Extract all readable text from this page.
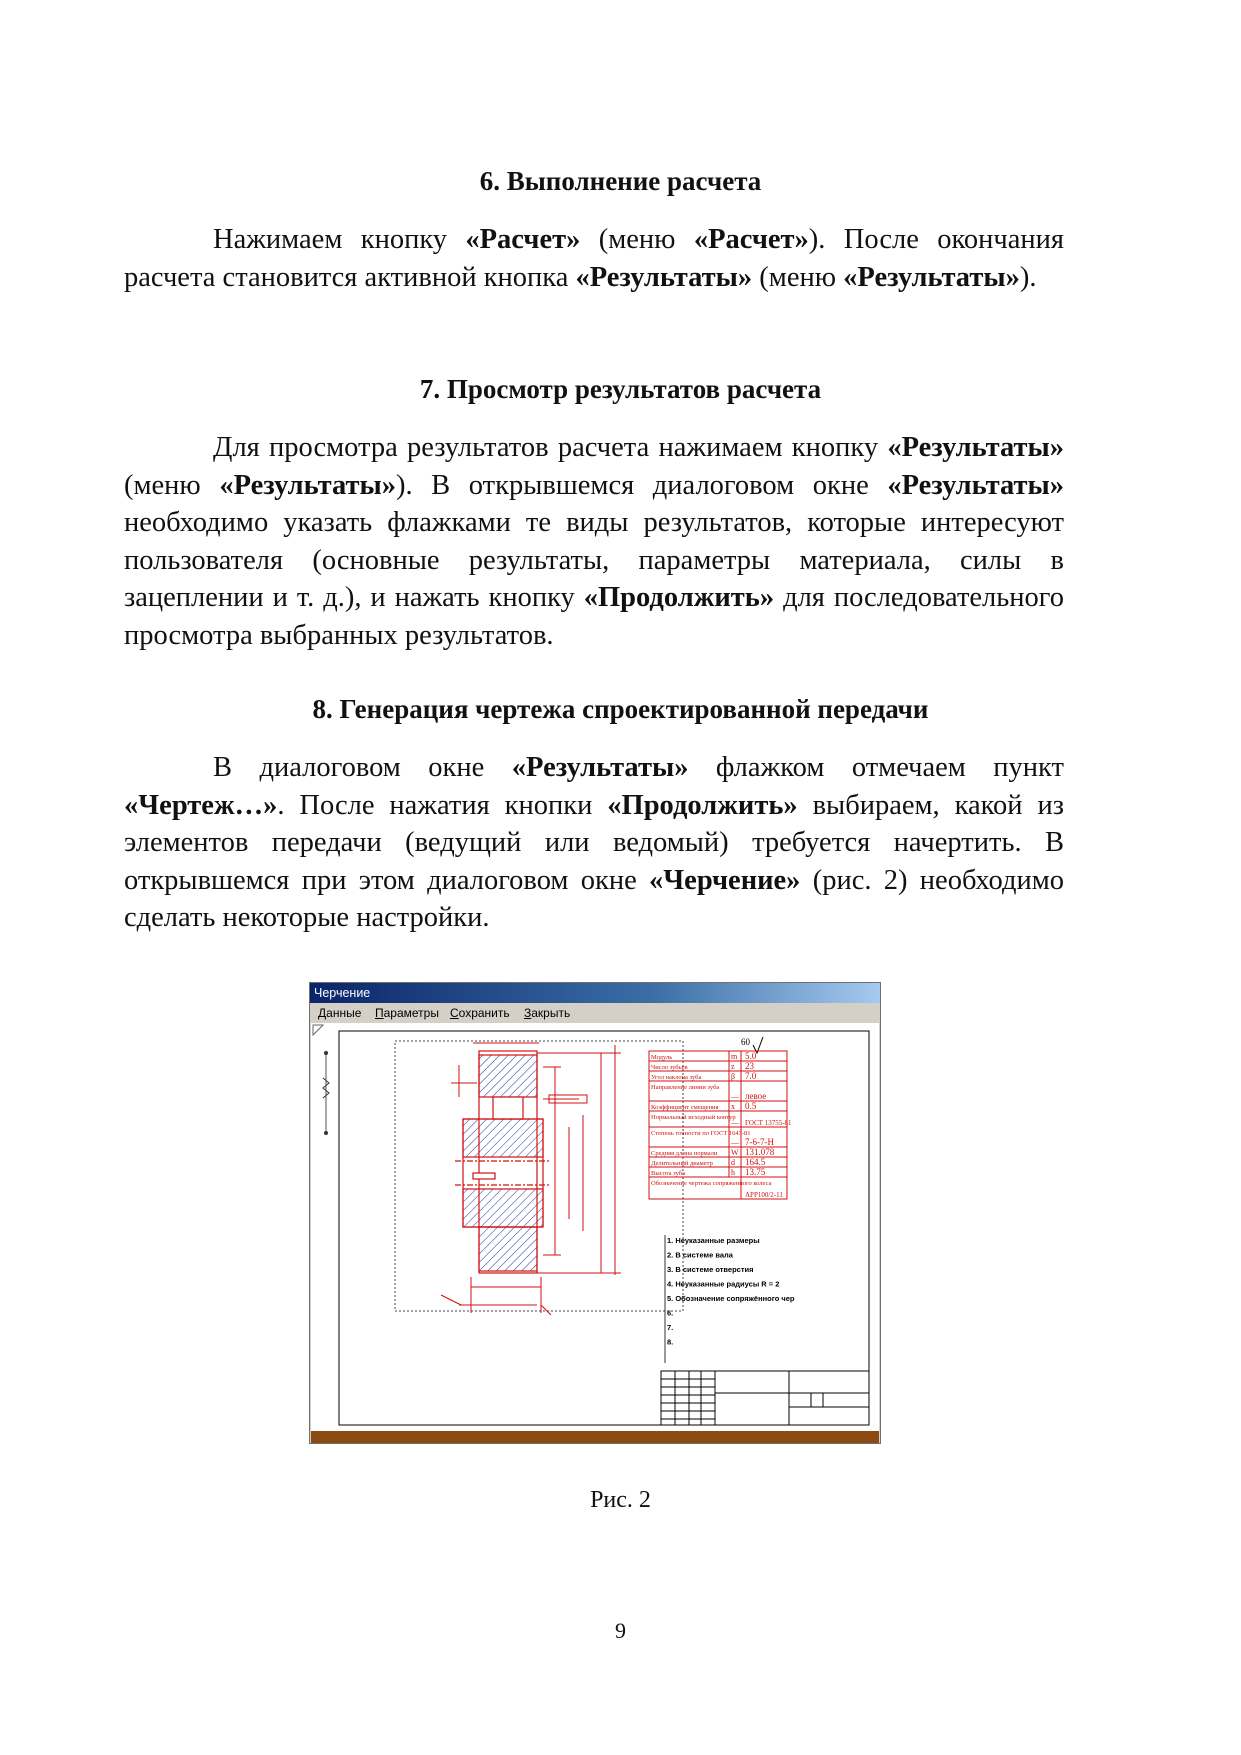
6. Выполнение расчета

Нажимаем кнопку «Расчет» (меню «Расчет»). После окончания расчета становится активной кнопка «Результаты» (меню «Результаты»).

7. Просмотр результатов расчета

Для просмотра результатов расчета нажимаем кнопку «Результаты» (меню «Результаты»). В открывшемся диалоговом окне «Результаты» необходимо указать флажками те виды результатов, которые интересуют пользователя (основные результаты, параметры материала, силы в зацеплении и т. д.), и нажать кнопку «Продолжить» для последовательного просмотра выбранных результатов.

8. Генерация чертежа спроектированной передачи

В диалоговом окне «Результаты» флажком отмечаем пункт «Чертеж…». После нажатия кнопки «Продолжить» выбираем, какой из элементов передачи (ведущий или ведомый) требуется начертить. В открывшемся при этом диалоговом окне «Черчение» (рис. 2) необходимо сделать некоторые настройки.

Черчение
Данные Параметры Сохранить Закрыть
60
Модуль	m 5.0
Число зубьев	z 23
Угол наклона зуба	β 7.0
Направление линии зуба
— левое
Коэффициент смещения x 0.5
Нормальный исходный контур
— ГОСТ 13755-81
Степень точности по ГОСТ 1643-81
— 7-6-7-Н
Средняя длина нормали W 131.078
Делительный диаметр d 164.5
Высота зуба	h 13.75
Обозначение чертежа сопряженного колеса
АРР100/2-11
1. Неуказанные размеры
2. В системе вала
3. В системе отверстия
4. Неуказанные радиусы R = 2
5. Обозначение сопряжённого чер
6.
7.
8.
Рис. 2
9
